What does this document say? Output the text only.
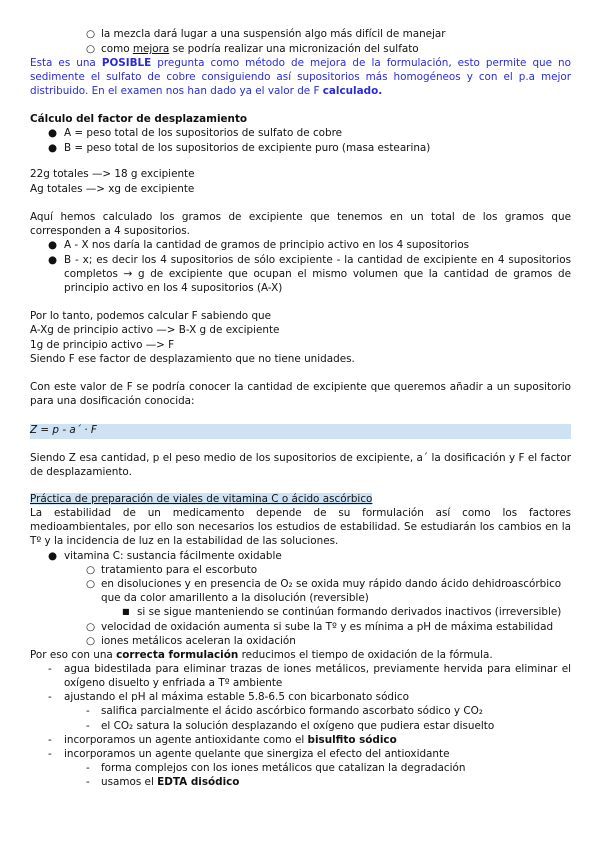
○ la mezcla dará lugar a una suspensión algo más difícil de manejar
○ como mejora se podría realizar una micronización del sulfato
Esta es una POSIBLE pregunta como método de mejora de la formulación, esto permite que no sedimente el sulfato de cobre consiguiendo así supositorios más homogéneos y con el p.a mejor distribuido. En el examen nos han dado ya el valor de F calculado.
Cálculo del factor de desplazamiento
● A = peso total de los supositorios de sulfato de cobre
● B = peso total de los supositorios de excipiente puro (masa estearina)
22g totales —> 18 g excipiente
Ag totales —> xg de excipiente
Aquí hemos calculado los gramos de excipiente que tenemos en un total de los gramos que corresponden a 4 supositorios.
● A - X nos daría la cantidad de gramos de principio activo en los 4 supositorios
● B - x; es decir los 4 supositorios de sólo excipiente - la cantidad de excipiente en 4 supositorios completos → g de excipiente que ocupan el mismo volumen que la cantidad de gramos de principio activo en los 4 supositorios (A-X)
Por lo tanto, podemos calcular F sabiendo que
A-Xg de principio activo —> B-X g de excipiente
1g de principio activo —> F
Siendo F ese factor de desplazamiento que no tiene unidades.
Con este valor de F se podría conocer la cantidad de excipiente que queremos añadir a un supositorio para una dosificación conocida:
Z = p - a´ · F
Siendo Z esa cantidad, p el peso medio de los supositorios de excipiente, a´ la dosificación y F el factor de desplazamiento.
Práctica de preparación de viales de vitamina C o ácido ascórbico
La estabilidad de un medicamento depende de su formulación así como los factores medioambientales, por ello son necesarios los estudios de estabilidad. Se estudiarán los cambios en la Tº y la incidencia de luz en la estabilidad de las soluciones.
● vitamina C: sustancia fácilmente oxidable
○ tratamiento para el escorbuto
○ en disoluciones y en presencia de O₂ se oxida muy rápido dando ácido dehidroascórbico que da color amarillento a la disolución (reversible)
■ si se sigue manteniendo se continúan formando derivados inactivos (irreversible)
○ velocidad de oxidación aumenta si sube la Tº y es mínima a pH de máxima estabilidad
○ iones metálicos aceleran la oxidación
Por eso con una correcta formulación reducimos el tiempo de oxidación de la fórmula.
- agua bidestilada para eliminar trazas de iones metálicos, previamente hervida para eliminar el oxígeno disuelto y enfriada a Tº ambiente
- ajustando el pH al máxima estable 5.8-6.5 con bicarbonato sódico
- salifica parcialmente el ácido ascórbico formando ascorbato sódico y CO₂
- el CO₂ satura la solución desplazando el oxígeno que pudiera estar disuelto
- incorporamos un agente antioxidante como el bisulfito sódico
- incorporamos un agente quelante que sinergiza el efecto del antioxidante
- forma complejos con los iones metálicos que catalizan la degradación
- usamos el EDTA disódico
